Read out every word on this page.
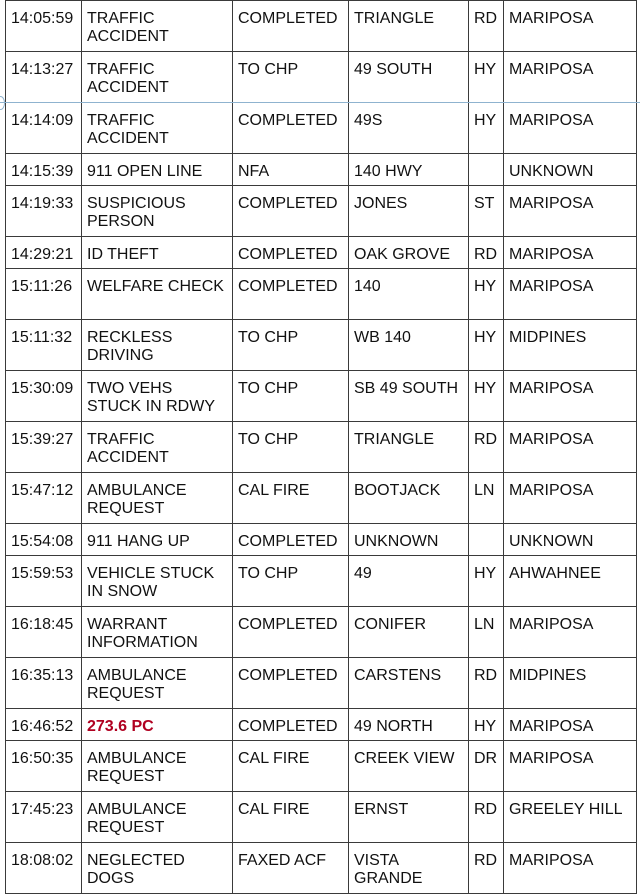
14:05:59	TRAFFIC ACCIDENT	COMPLETED	TRIANGLE	RD	MARIPOSA
14:13:27	TRAFFIC ACCIDENT	TO CHP	49 SOUTH	HY	MARIPOSA
14:14:09	TRAFFIC ACCIDENT	COMPLETED	49S	HY	MARIPOSA
14:15:39	911 OPEN LINE	NFA	140 HWY		UNKNOWN
14:19:33	SUSPICIOUS PERSON	COMPLETED	JONES	ST	MARIPOSA
14:29:21	ID THEFT	COMPLETED	OAK GROVE	RD	MARIPOSA
15:11:26	WELFARE CHECK	COMPLETED	140	HY	MARIPOSA
15:11:32	RECKLESS DRIVING	TO CHP	WB 140	HY	MIDPINES
15:30:09	TWO VEHS STUCK IN RDWY	TO CHP	SB 49 SOUTH	HY	MARIPOSA
15:39:27	TRAFFIC ACCIDENT	TO CHP	TRIANGLE	RD	MARIPOSA
15:47:12	AMBULANCE REQUEST	CAL FIRE	BOOTJACK	LN	MARIPOSA
15:54:08	911 HANG UP	COMPLETED	UNKNOWN		UNKNOWN
15:59:53	VEHICLE STUCK IN SNOW	TO CHP	49	HY	AHWAHNEE
16:18:45	WARRANT INFORMATION	COMPLETED	CONIFER	LN	MARIPOSA
16:35:13	AMBULANCE REQUEST	COMPLETED	CARSTENS	RD	MIDPINES
16:46:52	273.6 PC	COMPLETED	49 NORTH	HY	MARIPOSA
16:50:35	AMBULANCE REQUEST	CAL FIRE	CREEK VIEW	DR	MARIPOSA
17:45:23	AMBULANCE REQUEST	CAL FIRE	ERNST	RD	GREELEY HILL
18:08:02	NEGLECTED DOGS	FAXED ACF	VISTA GRANDE	RD	MARIPOSA
